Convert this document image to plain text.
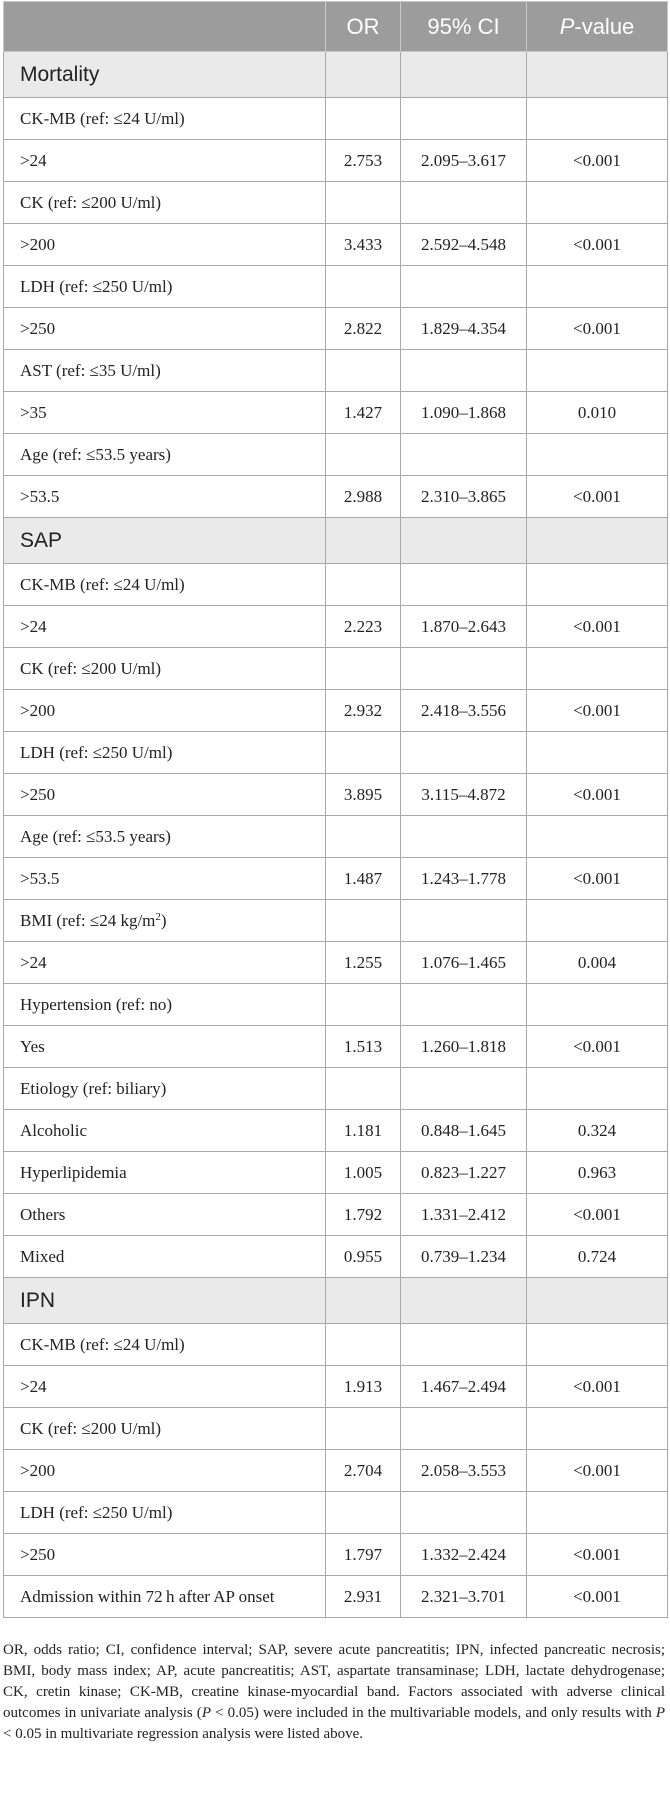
	OR	95% CI	P-value
Mortality			
CK-MB (ref: ≤24 U/ml)			
>24	2.753	2.095–3.617	<0.001
CK (ref: ≤200 U/ml)			
>200	3.433	2.592–4.548	<0.001
LDH (ref: ≤250 U/ml)			
>250	2.822	1.829–4.354	<0.001
AST (ref: ≤35 U/ml)			
>35	1.427	1.090–1.868	0.010
Age (ref: ≤53.5 years)			
>53.5	2.988	2.310–3.865	<0.001
SAP			
CK-MB (ref: ≤24 U/ml)			
>24	2.223	1.870–2.643	<0.001
CK (ref: ≤200 U/ml)			
>200	2.932	2.418–3.556	<0.001
LDH (ref: ≤250 U/ml)			
>250	3.895	3.115–4.872	<0.001
Age (ref: ≤53.5 years)			
>53.5	1.487	1.243–1.778	<0.001
BMI (ref: ≤24 $kg/m^2$)			
>24	1.255	1.076–1.465	0.004
Hypertension (ref: no)			
Yes	1.513	1.260–1.818	<0.001
Etiology (ref: biliary)			
Alcoholic	1.181	0.848–1.645	0.324
Hyperlipidemia	1.005	0.823–1.227	0.963
Others	1.792	1.331–2.412	<0.001
Mixed	0.955	0.739–1.234	0.724
IPN			
CK-MB (ref: ≤24 U/ml)			
>24	1.913	1.467–2.494	<0.001
CK (ref: ≤200 U/ml)			
>200	2.704	2.058–3.553	<0.001
LDH (ref: ≤250 U/ml)			
>250	1.797	1.332–2.424	<0.001
Admission within 72 h after AP onset	2.931	2.321–3.701	<0.001

OR, odds ratio; CI, confidence interval; SAP, severe acute pancreatitis; IPN, infected pancreatic necrosis; BMI, body mass index; AP, acute pancreatitis; AST, aspartate transaminase; LDH, lactate dehydrogenase; CK, cretin kinase; CK-MB, creatine kinase-myocardial band. Factors associated with adverse clinical outcomes in univariate analysis (P < 0.05) were included in the multivariable models, and only results with P < 0.05 in multivariate regression analysis were listed above.
